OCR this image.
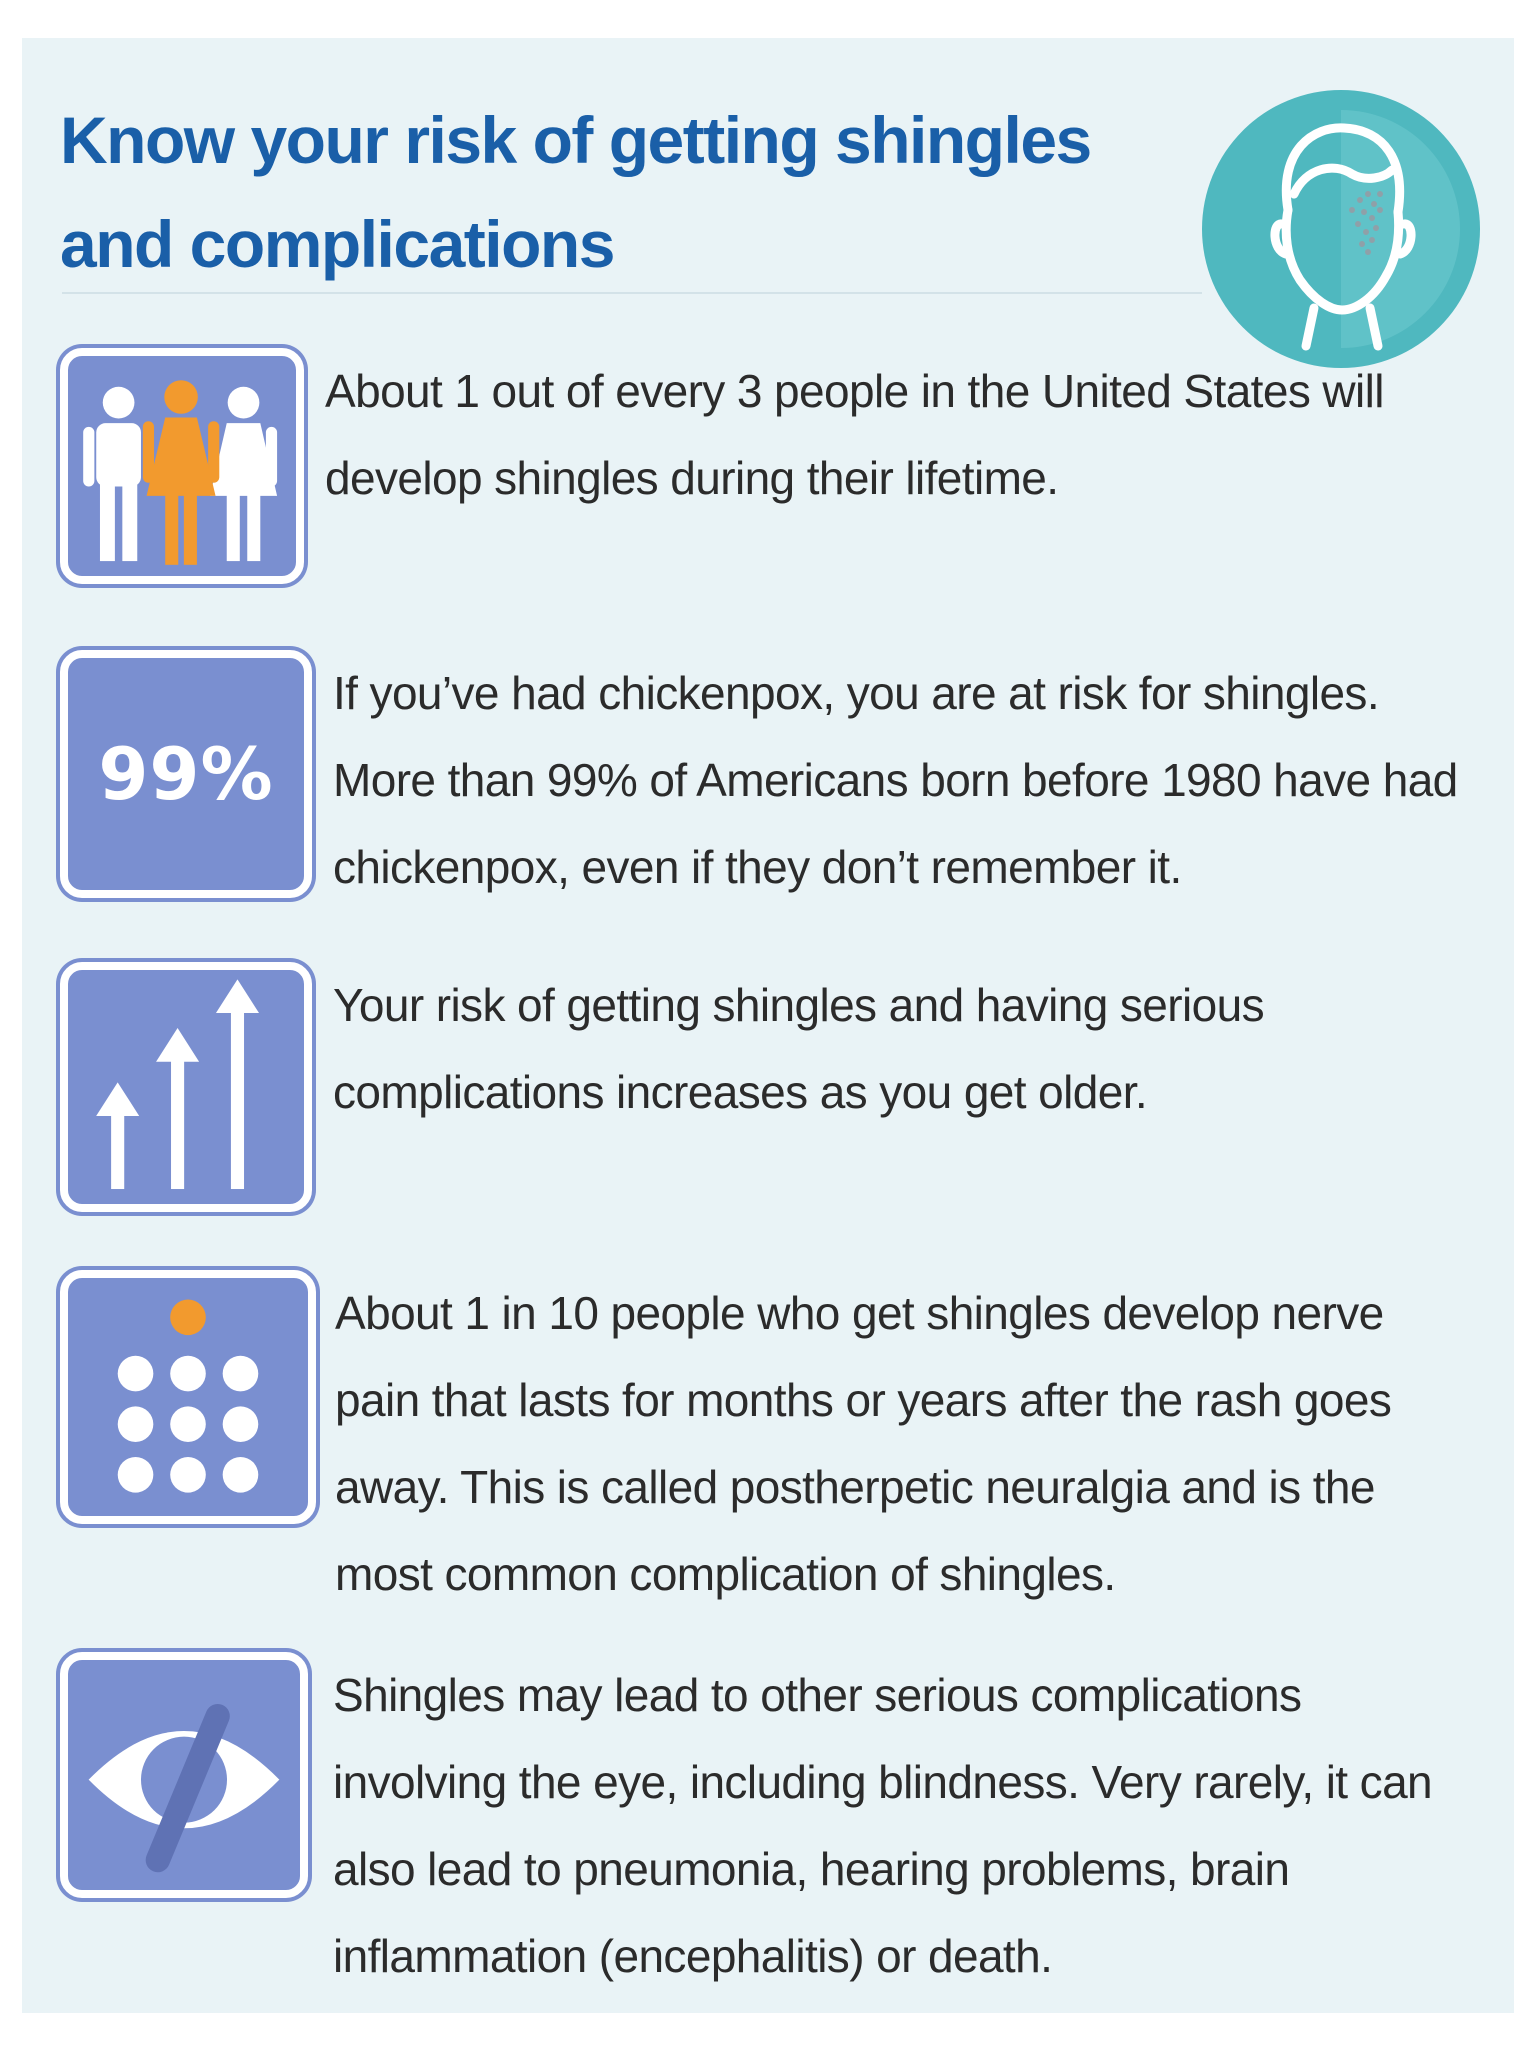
Know your risk of getting shingles and complications

About 1 out of every 3 people in the United States will develop shingles during their lifetime.

99%

If you’ve had chickenpox, you are at risk for shingles. More than 99% of Americans born before 1980 have had chickenpox, even if they don’t remember it.

Your risk of getting shingles and having serious complications increases as you get older.

About 1 in 10 people who get shingles develop nerve pain that lasts for months or years after the rash goes away. This is called postherpetic neuralgia and is the most common complication of shingles.

Shingles may lead to other serious complications involving the eye, including blindness. Very rarely, it can also lead to pneumonia, hearing problems, brain inflammation (encephalitis) or death.
